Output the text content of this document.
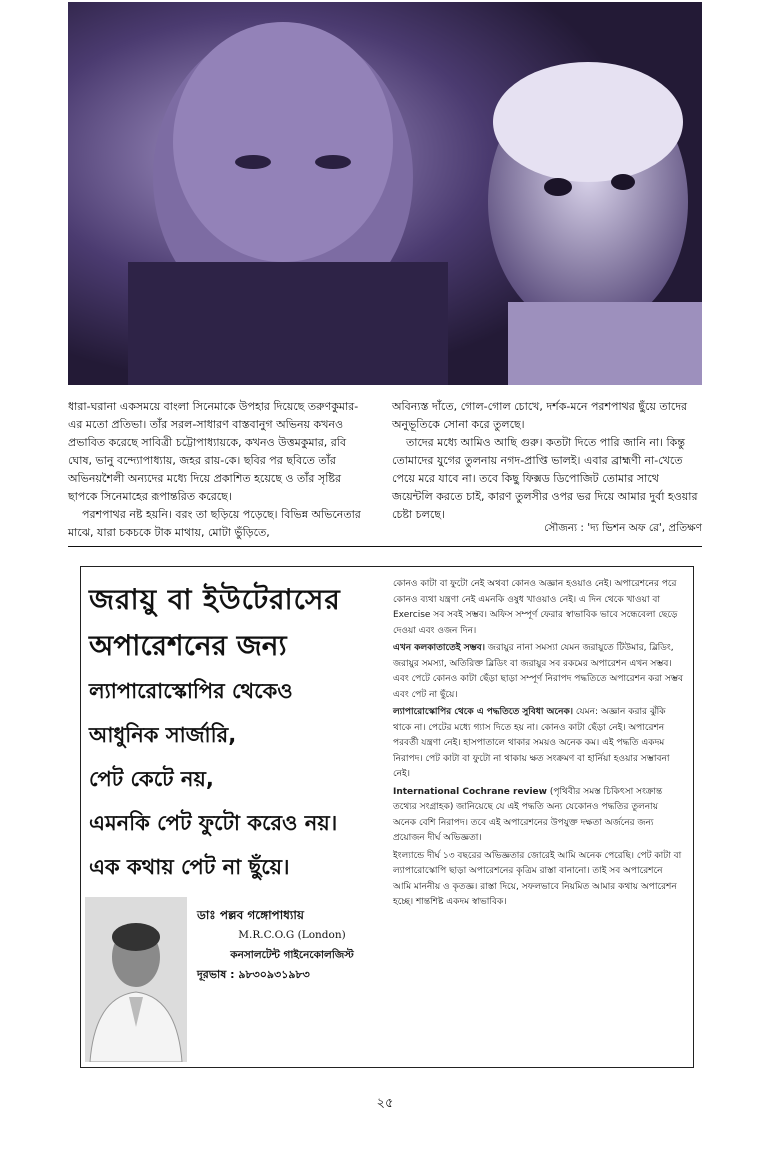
ধারা-ঘরানা একসময়ে বাংলা সিনেমাকে উপহার দিয়েছে তরুণকুমার-এর মতো প্রতিভা। তাঁর সরল-সাধারণ বাস্তবানুগ অভিনয় কখনও প্রভাবিত করেছে সাবিত্রী চট্টোপাধ্যায়কে, কখনও উত্তমকুমার, রবি ঘোষ, ভানু বন্দ্যোপাধ্যায়, জহর রায়-কে। ছবির পর ছবিতে তাঁর অভিনয়শৈলী অন্যদের মধ্যে দিয়ে প্রকাশিত হয়েছে ও তাঁর সৃষ্টির ছাপকে সিনেমাহের রূপান্তরিত করেছে।

পরশপাথর নষ্ট হয়নি। বরং তা ছড়িয়ে পড়েছে। বিভিন্ন অভিনেতার মাঝে, যারা চকচকে টাক মাথায়, মোটা ভুঁড়িতে,

অবিন্যস্ত দাঁতে, গোল-গোল চোখে, দর্শক-মনে পরশপাথর ছুঁয়ে তাদের অনুভূতিকে সোনা করে তুলছে।

তাদের মধ্যে আমিও আছি গুরু। কতটা দিতে পারি জানি না। কিন্তু তোমাদের যুগের তুলনায় নগদ-প্রাপ্তি ভালই। এবার ব্রাহ্মণী না-খেতে পেয়ে মরে যাবে না। তবে কিছু ফিক্সড ডিপোজিট তোমার সাথে জয়েন্টলি করতে চাই, কারণ তুলসীর ওপর ভর দিয়ে আমার দুর্বা হওয়ার চেষ্টা চলছে।

সৌজন্য : 'দ্য ভিশন অফ রে', প্রতিক্ষণ

জরায়ু বা ইউটেরাসের

অপারেশনের জন্য

ল্যাপারোস্কোপির থেকেও

আধুনিক সার্জারি,

পেট কেটে নয়,

এমনকি পেট ফুটো করেও নয়।

এক কথায় পেট না ছুঁয়ে।

ডাঃ পল্লব গঙ্গোপাধ্যায়
M.R.C.O.G (London)
কনসালটেন্ট গাইনেকোলজিস্ট
দূরভাষ : ৯৮৩০৯৩১৯৮৩

কোনও কাটা বা ফুটো নেই অথবা কোনও অজ্ঞান হওয়াও নেই। অপারেশনের পরে কোনও ব্যথা যন্ত্রণা নেই এমনকি ওষুধ খাওয়াও নেই। এ দিন থেকে খাওয়া বা Exercise সব সবই সম্ভব। অফিস সম্পূর্ণ ফেরার স্বাভাবিক ভাবে সন্ধেবেলা ছেড়ে দেওয়া এবং ওজন দিন।

এখন কলকাতাতেই সম্ভব। জরায়ুর নানা সমস্যা যেমন জরায়ুতে টিউমার, ব্লিডিং, জরায়ুর সমস্যা, অতিরিক্ত ব্লিডিং বা জরায়ুর সব রকমের অপারেশন এখন সম্ভব। এবং পেটে কোনও কাটা ছেঁড়া ছাড়া সম্পূর্ণ নিরাপদ পদ্ধতিতে অপারেশন করা সম্ভব এবং পেট না ছুঁয়ে।

ল্যাপারোস্কোপির থেকে এ পদ্ধতিতে সুবিধা অনেক। যেমন: অজ্ঞান করার ঝুঁকি থাকে না। পেটের মধ্যে গ্যাস দিতে হয় না। কোনও কাটা ছেঁড়া নেই। অপারেশন পরবর্তী যন্ত্রণা নেই। হাসপাতালে থাকার সময়ও অনেক কম। এই পদ্ধতি একদম নিরাপদ। পেট কাটা বা ফুটো না থাকায় ক্ষত সংক্রমণ বা হার্নিয়া হওয়ার সম্ভাবনা নেই।

International Cochrane review (পৃথিবীর সমস্ত চিকিৎসা সংক্রান্ত তথ্যের সংগ্রাহক) জানিয়েছে যে এই পদ্ধতি অন্য যেকোনও পদ্ধতির তুলনায় অনেক বেশি নিরাপদ। তবে এই অপারেশনের উপযুক্ত দক্ষতা অর্জনের জন্য প্রয়োজন দীর্ঘ অভিজ্ঞতা।

ইংল্যান্ডে দীর্ঘ ১৩ বছরের অভিজ্ঞতার জোরেই আমি অনেক পেরেছি। পেট কাটা বা ল্যাপারোস্কোপি ছাড়া অপারেশনের কৃত্রিম রাস্তা বানানো। তাই সব অপারেশনে আমি মাননীয় ও কৃতজ্ঞ। রাস্তা দিয়ে, সফলভাবে নিয়মিত আমার কথায় অপারেশন হচ্ছে। শান্তশিষ্ট একদম স্বাভাবিক।

২৫
